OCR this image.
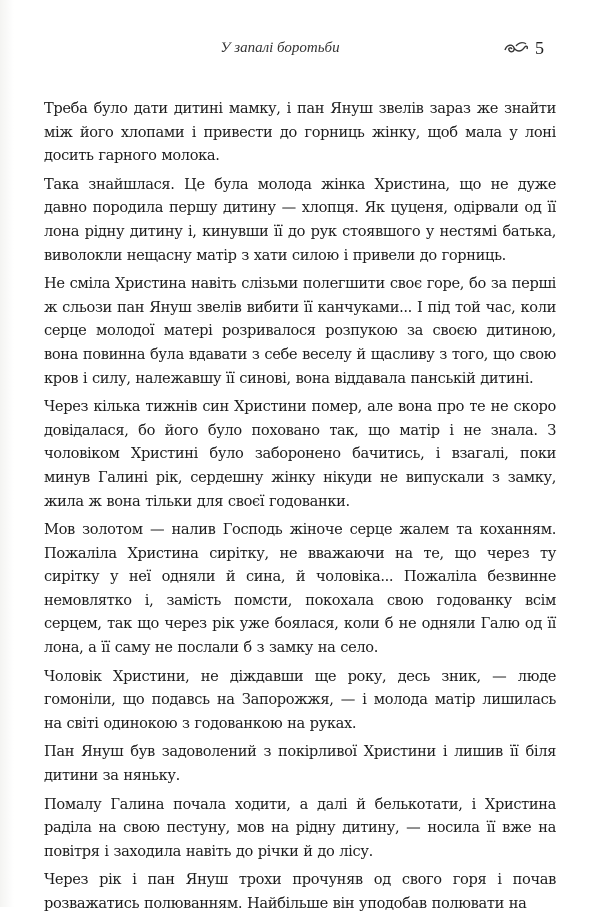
У запалі боротьби	5

Треба було дати дитині мамку, і пан Януш звелів зараз же знайти між його хлопами і привести до горниць жінку, щоб мала у лоні досить гарного молока.

Така знайшлася. Це була молода жінка Христина, що не дуже давно породила першу дитину — хлопця. Як цуценя, одірвали од її лона рідну дитину і, кинувши її до рук стоявшого у нестямі батька, виволокли нещасну матір з хати силою і привели до горниць.

Не сміла Христина навіть слізьми полегшити своє горе, бо за перші ж сльози пан Януш звелів вибити її канчуками... І під той час, коли серце молодої матері розривалося розпукою за своєю дитиною, вона повинна була вдавати з себе веселу й щасливу з того, що свою кров і силу, належавшу її синові, вона віддавала панській дитині.

Через кілька тижнів син Христини помер, але вона про те не скоро довідалася, бо його було поховано так, що матір і не знала. З чоловіком Христині було заборонено бачитись, і взагалі, поки минув Галині рік, сердешну жінку нікуди не випускали з замку, жила ж вона тільки для своєї годованки.

Мов золотом — налив Господь жіноче серце жалем та коханням. Пожаліла Христина сирітку, не вважаючи на те, що через ту сирітку у неї одняли й сина, й чоловіка... Пожаліла безвинне немовлятко і, замість помсти, покохала свою годованку всім серцем, так що через рік уже боялася, коли б не одняли Галю од її лона, а її саму не послали б з замку на село.

Чоловік Христини, не діждавши ще року, десь зник, — люде гомоніли, що подавсь на Запорожжя, — і молода матір лишилась на світі одинокою з годованкою на руках.

Пан Януш був задоволений з покірливої Христини і лишив її біля дитини за няньку.

Помалу Галина почала ходити, а далі й белькотати, і Христина раділа на свою пестуну, мов на рідну дитину, — носила її вже на повітря і заходила навіть до річки й до лісу.

Через рік і пан Януш трохи прочуняв од свого горя і почав розважатись полюванням. Найбільше він уподобав полювати на
